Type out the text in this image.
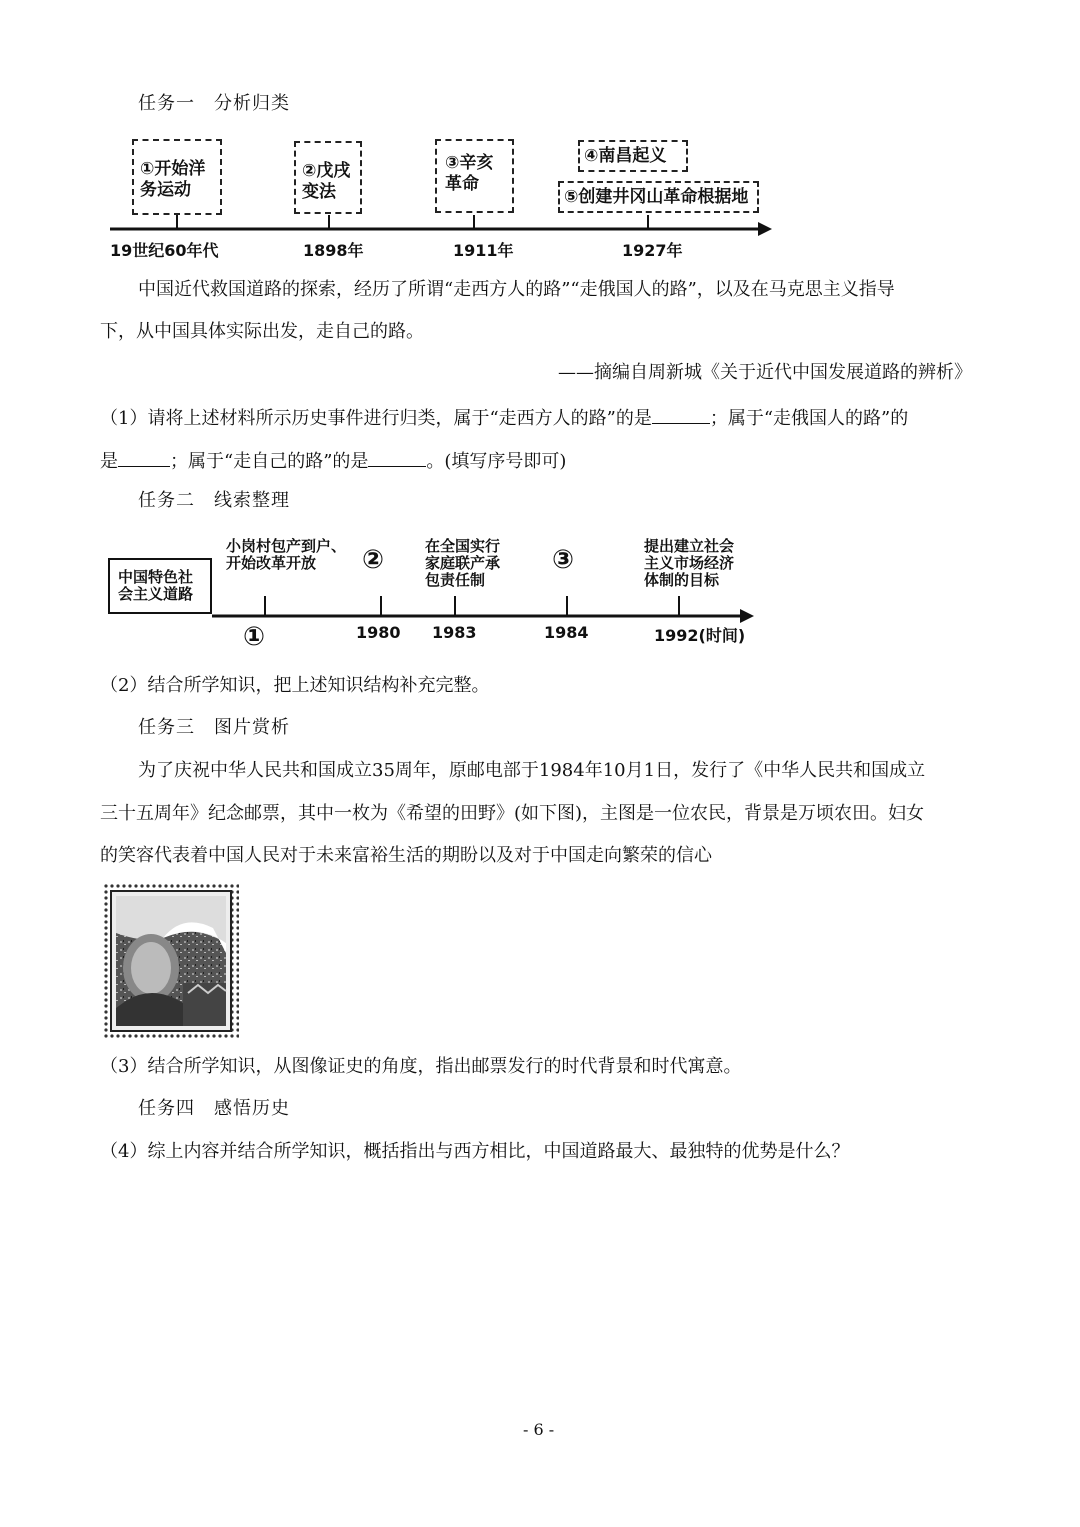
任务一　分析归类
①开始洋
务运动
②戊戌
变法
③辛亥
革命
④南昌起义
⑤创建井冈山革命根据地
19世纪60年代	1898年	1911年	1927年
中国近代救国道路的探索，经历了所谓“走西方人的路”“走俄国人的路”，以及在马克思主义指导
下，从中国具体实际出发，走自己的路。
——摘编自周新城《关于近代中国发展道路的辨析》
（1）请将上述材料所示历史事件进行归类，属于“走西方人的路”的是	；属于“走俄国人的路”的
是	；属于“走自己的路”的是	。(填写序号即可)
任务二　线索整理
中国特色社
会主义道路
小岗村包产到户、
开始改革开放	②	在全国实行
家庭联产承
包责任制
③	提出建立社会
主义市场经济
体制的目标
①	1980 1983	1984	1992(时间)
（2）结合所学知识，把上述知识结构补充完整。
任务三　图片赏析
为了庆祝中华人民共和国成立35周年，原邮电部于1984年10月1日，发行了《中华人民共和国成立
三十五周年》纪念邮票，其中一枚为《希望的田野》(如下图)，主图是一位农民，背景是万顷农田。妇女
的笑容代表着中国人民对于未来富裕生活的期盼以及对于中国走向繁荣的信心
（3）结合所学知识，从图像证史的角度，指出邮票发行的时代背景和时代寓意。
任务四　感悟历史
（4）综上内容并结合所学知识，概括指出与西方相比，中国道路最大、最独特的优势是什么？
- 6 -
